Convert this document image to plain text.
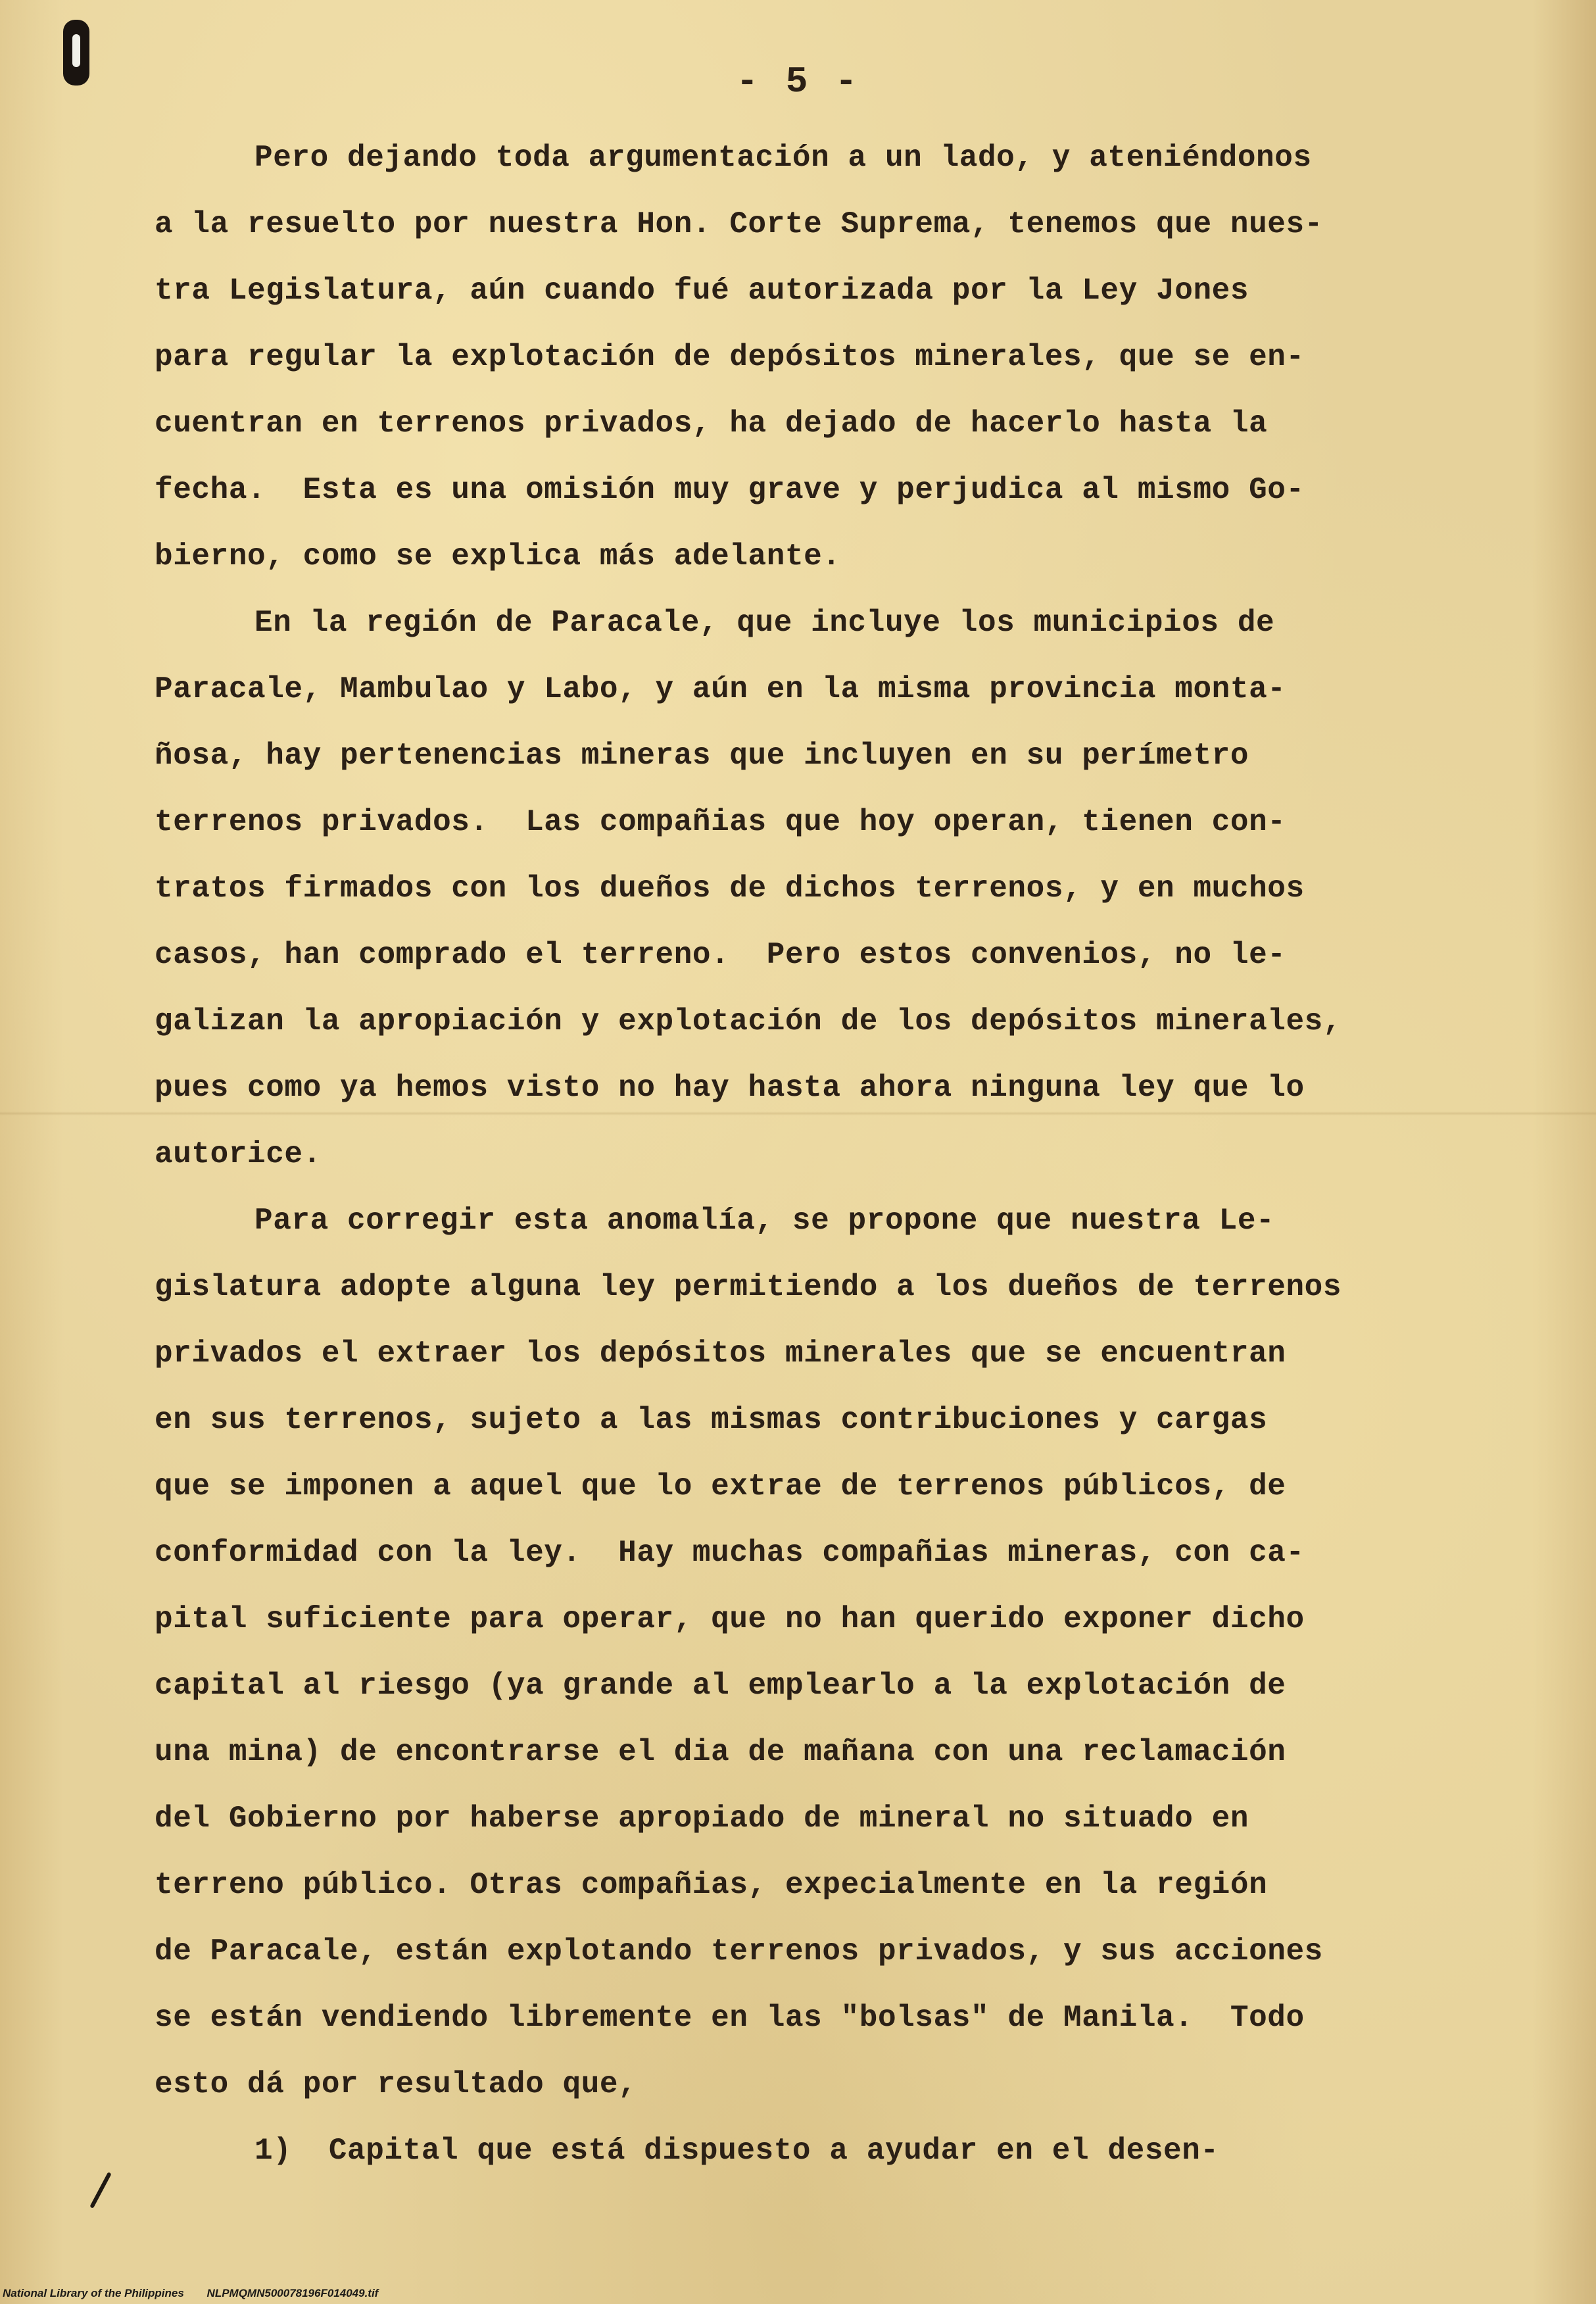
- 5 -
Pero dejando toda argumentación a un lado, y ateniéndonos
a la resuelto por nuestra Hon. Corte Suprema, tenemos que nues-
tra Legislatura, aún cuando fué autorizada por la Ley Jones
para regular la explotación de depósitos minerales, que se en-
cuentran en terrenos privados, ha dejado de hacerlo hasta la
fecha.  Esta es una omisión muy grave y perjudica al mismo Go-
bierno, como se explica más adelante.
En la región de Paracale, que incluye los municipios de
Paracale, Mambulao y Labo, y aún en la misma provincia monta-
ñosa, hay pertenencias mineras que incluyen en su perímetro
terrenos privados.  Las compañias que hoy operan, tienen con-
tratos firmados con los dueños de dichos terrenos, y en muchos
casos, han comprado el terreno.  Pero estos convenios, no le-
galizan la apropiación y explotación de los depósitos minerales,
pues como ya hemos visto no hay hasta ahora ninguna ley que lo
autorice.
Para corregir esta anomalía, se propone que nuestra Le-
gislatura adopte alguna ley permitiendo a los dueños de terrenos
privados el extraer los depósitos minerales que se encuentran
en sus terrenos, sujeto a las mismas contribuciones y cargas
que se imponen a aquel que lo extrae de terrenos públicos, de
conformidad con la ley.  Hay muchas compañias mineras, con ca-
pital suficiente para operar, que no han querido exponer dicho
capital al riesgo (ya grande al emplearlo a la explotación de
una mina) de encontrarse el dia de mañana con una reclamación
del Gobierno por haberse apropiado de mineral no situado en
terreno público. Otras compañias, expecialmente en la región
de Paracale, están explotando terrenos privados, y sus acciones
se están vendiendo libremente en las "bolsas" de Manila.  Todo
esto dá por resultado que,
1)  Capital que está dispuesto a ayudar en el desen-
National Library of the Philippines NLPMQMN500078196F014049.tif
